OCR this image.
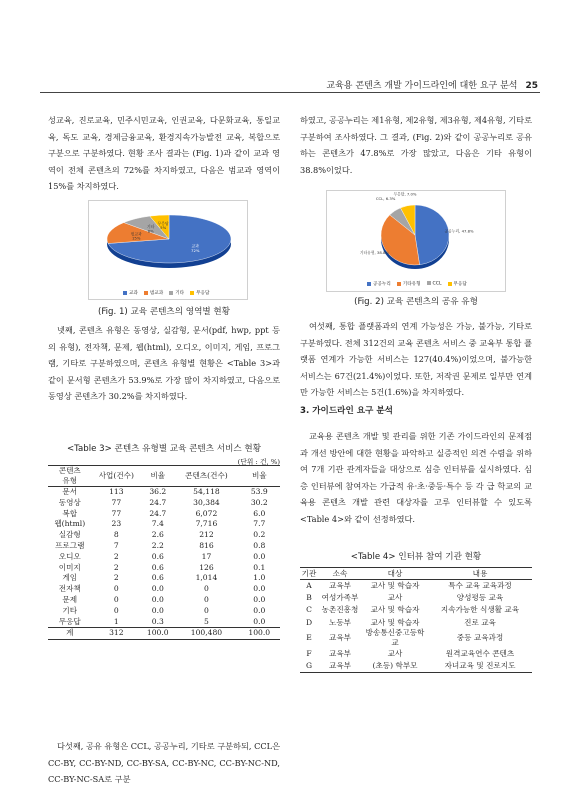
교육용 콘텐츠 개발 가이드라인에 대한 요구 분석 25

성교육, 진로교육, 민주시민교육, 인권교육, 다문화교육, 통일교육, 독도 교육, 경제금융교육, 환경지속가능발전 교육, 복합으로 구분으로 구분하였다. 현황 조사 결과는 (Fig. 1)과 같이 교과 영역이 전체 콘텐츠의 72%를 차지하였고, 다음은 범교과 영역이 15%를 차지하였다.

교과
72%
범교과
15%
기타
8%
무응답
5%
교과	범교과	기타	무응답
(Fig. 1) 교육 콘텐츠의 영역별 현황

넷째, 콘텐츠 유형은 동영상, 실감형, 문서(pdf, hwp, ppt 등의 유형), 전자책, 문제, 웹(html), 오디오, 이미지, 게임, 프로그램, 기타로 구분하였으며, 콘텐츠 유형별 현황은 <Table 3>과 같이 문서형 콘텐츠가 53.9%로 가장 많이 차지하였고, 다음으로 동영상 콘텐츠가 30.2%를 차지하였다.

<Table 3> 콘텐츠 유형별 교육 콘텐츠 서비스 현황
(단위 : 건, %)
콘텐츠
유형	사업(건수)	비율	콘텐츠(건수)	비율
문서	113	36.2	54,118	53.9
동영상	77	24.7	30,384	30.2
복합	77	24.7	6,072	6.0
웹(html)	23	7.4	7,716	7.7
실감형	8	2.6	212	0.2
프로그램	7	2.2	816	0.8
오디오	2	0.6	17	0.0
이미지	2	0.6	126	0.1
게임	2	0.6	1,014	1.0
전자책	0	0.0	0	0.0
문제	0	0.0	0	0.0
기타	0	0.0	0	0.0
무응답	1	0.3	5	0.0
계	312	100.0	100,480	100.0

다섯째, 공유 유형은 CCL, 공공누리, 기타로 구분하되, CCL은 CC-BY, CC-BY-ND, CC-BY-SA, CC-BY-NC, CC-BY-NC-ND, CC-BY-NC-SA로 구분

하였고, 공공누리는 제1유형, 제2유형, 제3유형, 제4유형, 기타로 구분하여 조사하였다. 그 결과, (Fig. 2)와 같이 공공누리로 공유하는 콘텐츠가 47.8%로 가장 많았고, 다음은 기타 유형이 38.8%이었다.

공공누리, 47.8%
기타유형, 38.8%
CCL, 6.3%
무응답, 7.0%
공공누리	기타유형	CCL	무응답
(Fig. 2) 교육 콘텐츠의 공유 유형

여섯째, 통합 플랫폼과의 연계 가능성은 가능, 불가능, 기타로 구분하였다. 전체 312건의 교육 콘텐츠 서비스 중 교육부 통합 플랫폼 연계가 가능한 서비스는 127(40.4%)이었으며, 불가능한 서비스는 67건(21.4%)이었다. 또한, 저작권 문제로 일부만 연계만 가능한 서비스는 5건(1.6%)을 차지하였다.

3. 가이드라인 요구 분석

교육용 콘텐츠 개발 및 관리를 위한 기존 가이드라인의 문제점과 개선 방안에 대한 현황을 파악하고 실증적인 의견 수렴을 위하여 7개 기관 관계자들을 대상으로 심층 인터뷰를 실시하였다. 심층 인터뷰에 참여자는 가급적 유·초·중등·특수 등 각 급 학교의 교육용 콘텐츠 개발 관련 대상자를 고루 인터뷰할 수 있도록 <Table 4>와 같이 선정하였다.

<Table 4> 인터뷰 참여 기관 현황
기관	소속	대상	내용
A	교육부	교사 및 학습자	특수 교육 교육과정
B	여성가족부	교사	양성평등 교육
C	농촌진흥청	교사 및 학습자	지속가능한 식생활 교육
D	노동부	교사 및 학습자	진로 교육
E	교육부	방송통신중고등학교	중등 교육과정
F	교육부	교사	원격교육연수 콘텐츠
G	교육부	(초등) 학부모	자녀교육 및 진로지도
